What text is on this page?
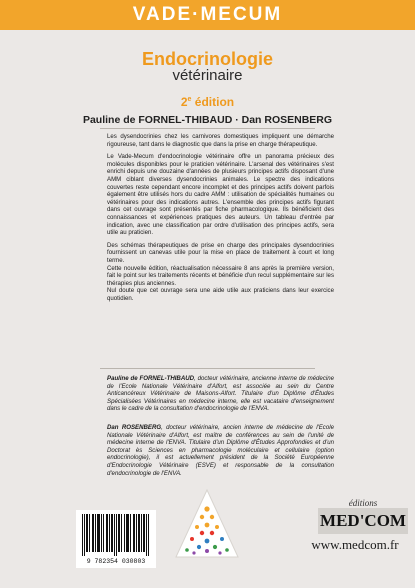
VADE·MECUM
Endocrinologie
vétérinaire
2e édition
Pauline de FORNEL-THIBAUD · Dan ROSENBERG

Les dysendocrinies chez les carnivores domestiques impliquent une démarche rigoureuse, tant dans le diagnostic que dans la prise en charge thérapeutique.

Le Vade-Mecum d'endocrinologie vétérinaire offre un panorama précieux des molécules disponibles pour le praticien vétérinaire. L'arsenal des vétérinaires s'est enrichi depuis une douzaine d'années de plusieurs principes actifs disposant d'une AMM ciblant diverses dysendocrinies animales. Le spectre des indications couvertes reste cependant encore incomplet et des principes actifs doivent parfois également être utilisés hors du cadre AMM : utilisation de spécialités humaines ou vétérinaires pour des indications autres. L'ensemble des principes actifs figurant dans cet ouvrage sont présentés par fiche pharmacologique. Ils bénéficient des connaissances et expériences pratiques des auteurs. Un tableau d'entrée par indication, avec une classification par ordre d'utilisation des principes actifs, sera utile au praticien.

Des schémas thérapeutiques de prise en charge des principales dysendocrinies fournissent un canevas utile pour la mise en place de traitement à court et long terme.

Cette nouvelle édition, réactualisation nécessaire 8 ans après la première version, fait le point sur les traitements récents et bénéficie d'un recul supplémentaire sur les thérapies plus anciennes.

Nul doute que cet ouvrage sera une aide utile aux praticiens dans leur exercice quotidien.

Pauline de FORNEL-THIBAUD, docteur vétérinaire, ancienne interne de médecine de l'Ecole Nationale Vétérinaire d'Alfort, est associée au sein du Centre Anticancéreux Vétérinaire de Maisons-Alfort. Titulaire d'un Diplôme d'Études Spécialisées Vétérinaires en médecine interne, elle est vacataire d'enseignement dans le cadre de la consultation d'endocrinologie de l'ENVA.
Dan ROSENBERG, docteur vétérinaire, ancien interne de médecine de l'Ecole Nationale Vétérinaire d'Alfort, est maître de conférences au sein de l'unité de médecine interne de l'ENVA. Titulaire d'un Diplôme d'Études Approfondies et d'un Doctorat ès Sciences en pharmacologie moléculaire et cellulaire (option endocrinologie), il est actuellement président de la Société Européenne d'Endocrinologie Vétérinaire (ESVE) et responsable de la consultation d'endocrinologie de l'ENVA.
9 782354 030803
éditions
MED'COM
www.medcom.fr
